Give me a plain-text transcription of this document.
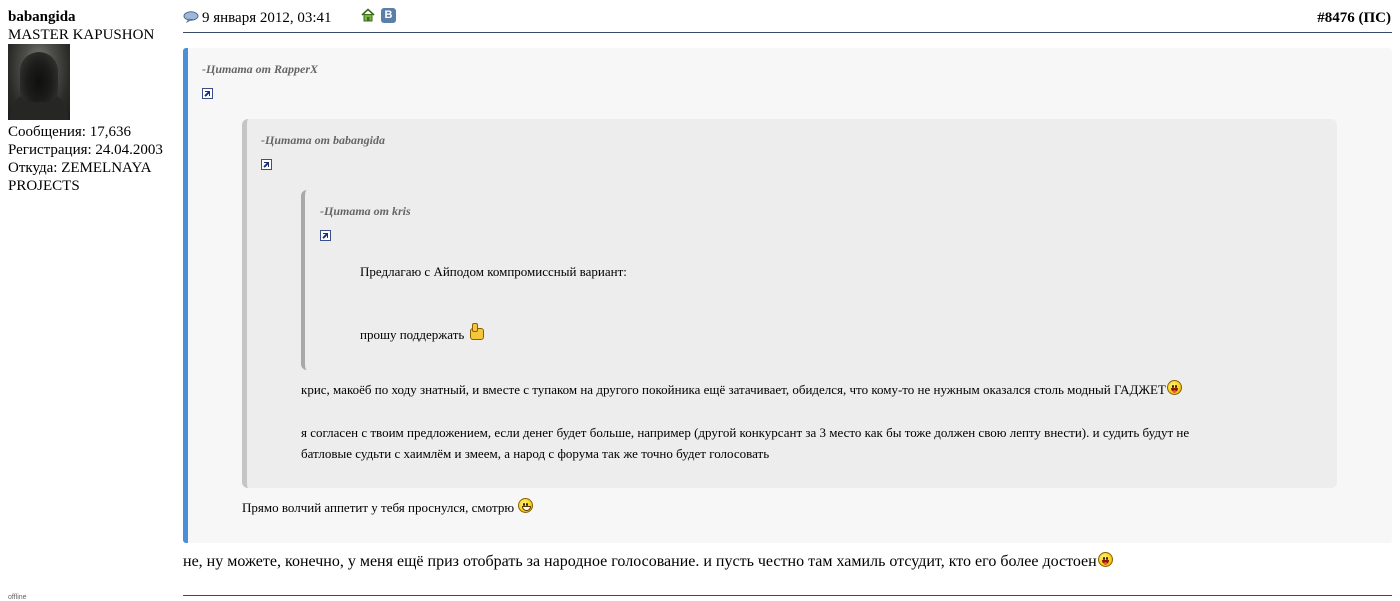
babangida
MASTER KAPUSHON
Сообщения: 17,636
Регистрация: 24.04.2003
Откуда: ZEMELNAYA
PROJECTS
offline
9 января 2012, 03:41	В	#8476 (ПС)
-Цитата от RapperX
-Цитата от babangida
-Цитата от kris
Предлагаю с Айподом компромиссный вариант:
прошу поддержать
крис, макоёб по ходу знатный, и вместе с тупаком на другого покойника ещё затачивает, обиделся, что кому-то не нужным оказался столь модный ГАДЖЕТ
я согласен с твоим предложением, если денег будет больше, например (другой конкурсант за 3 место как бы тоже должен свою лепту внести). и судить будут не
батловые судьти с хаимлём и змеем, а народ с форума так же точно будет голосовать
Прямо волчий аппетит у тебя проснулся, смотрю
не, ну можете, конечно, у меня ещё приз отобрать за народное голосование. и пусть честно там хамиль отсудит, кто его более достоен
